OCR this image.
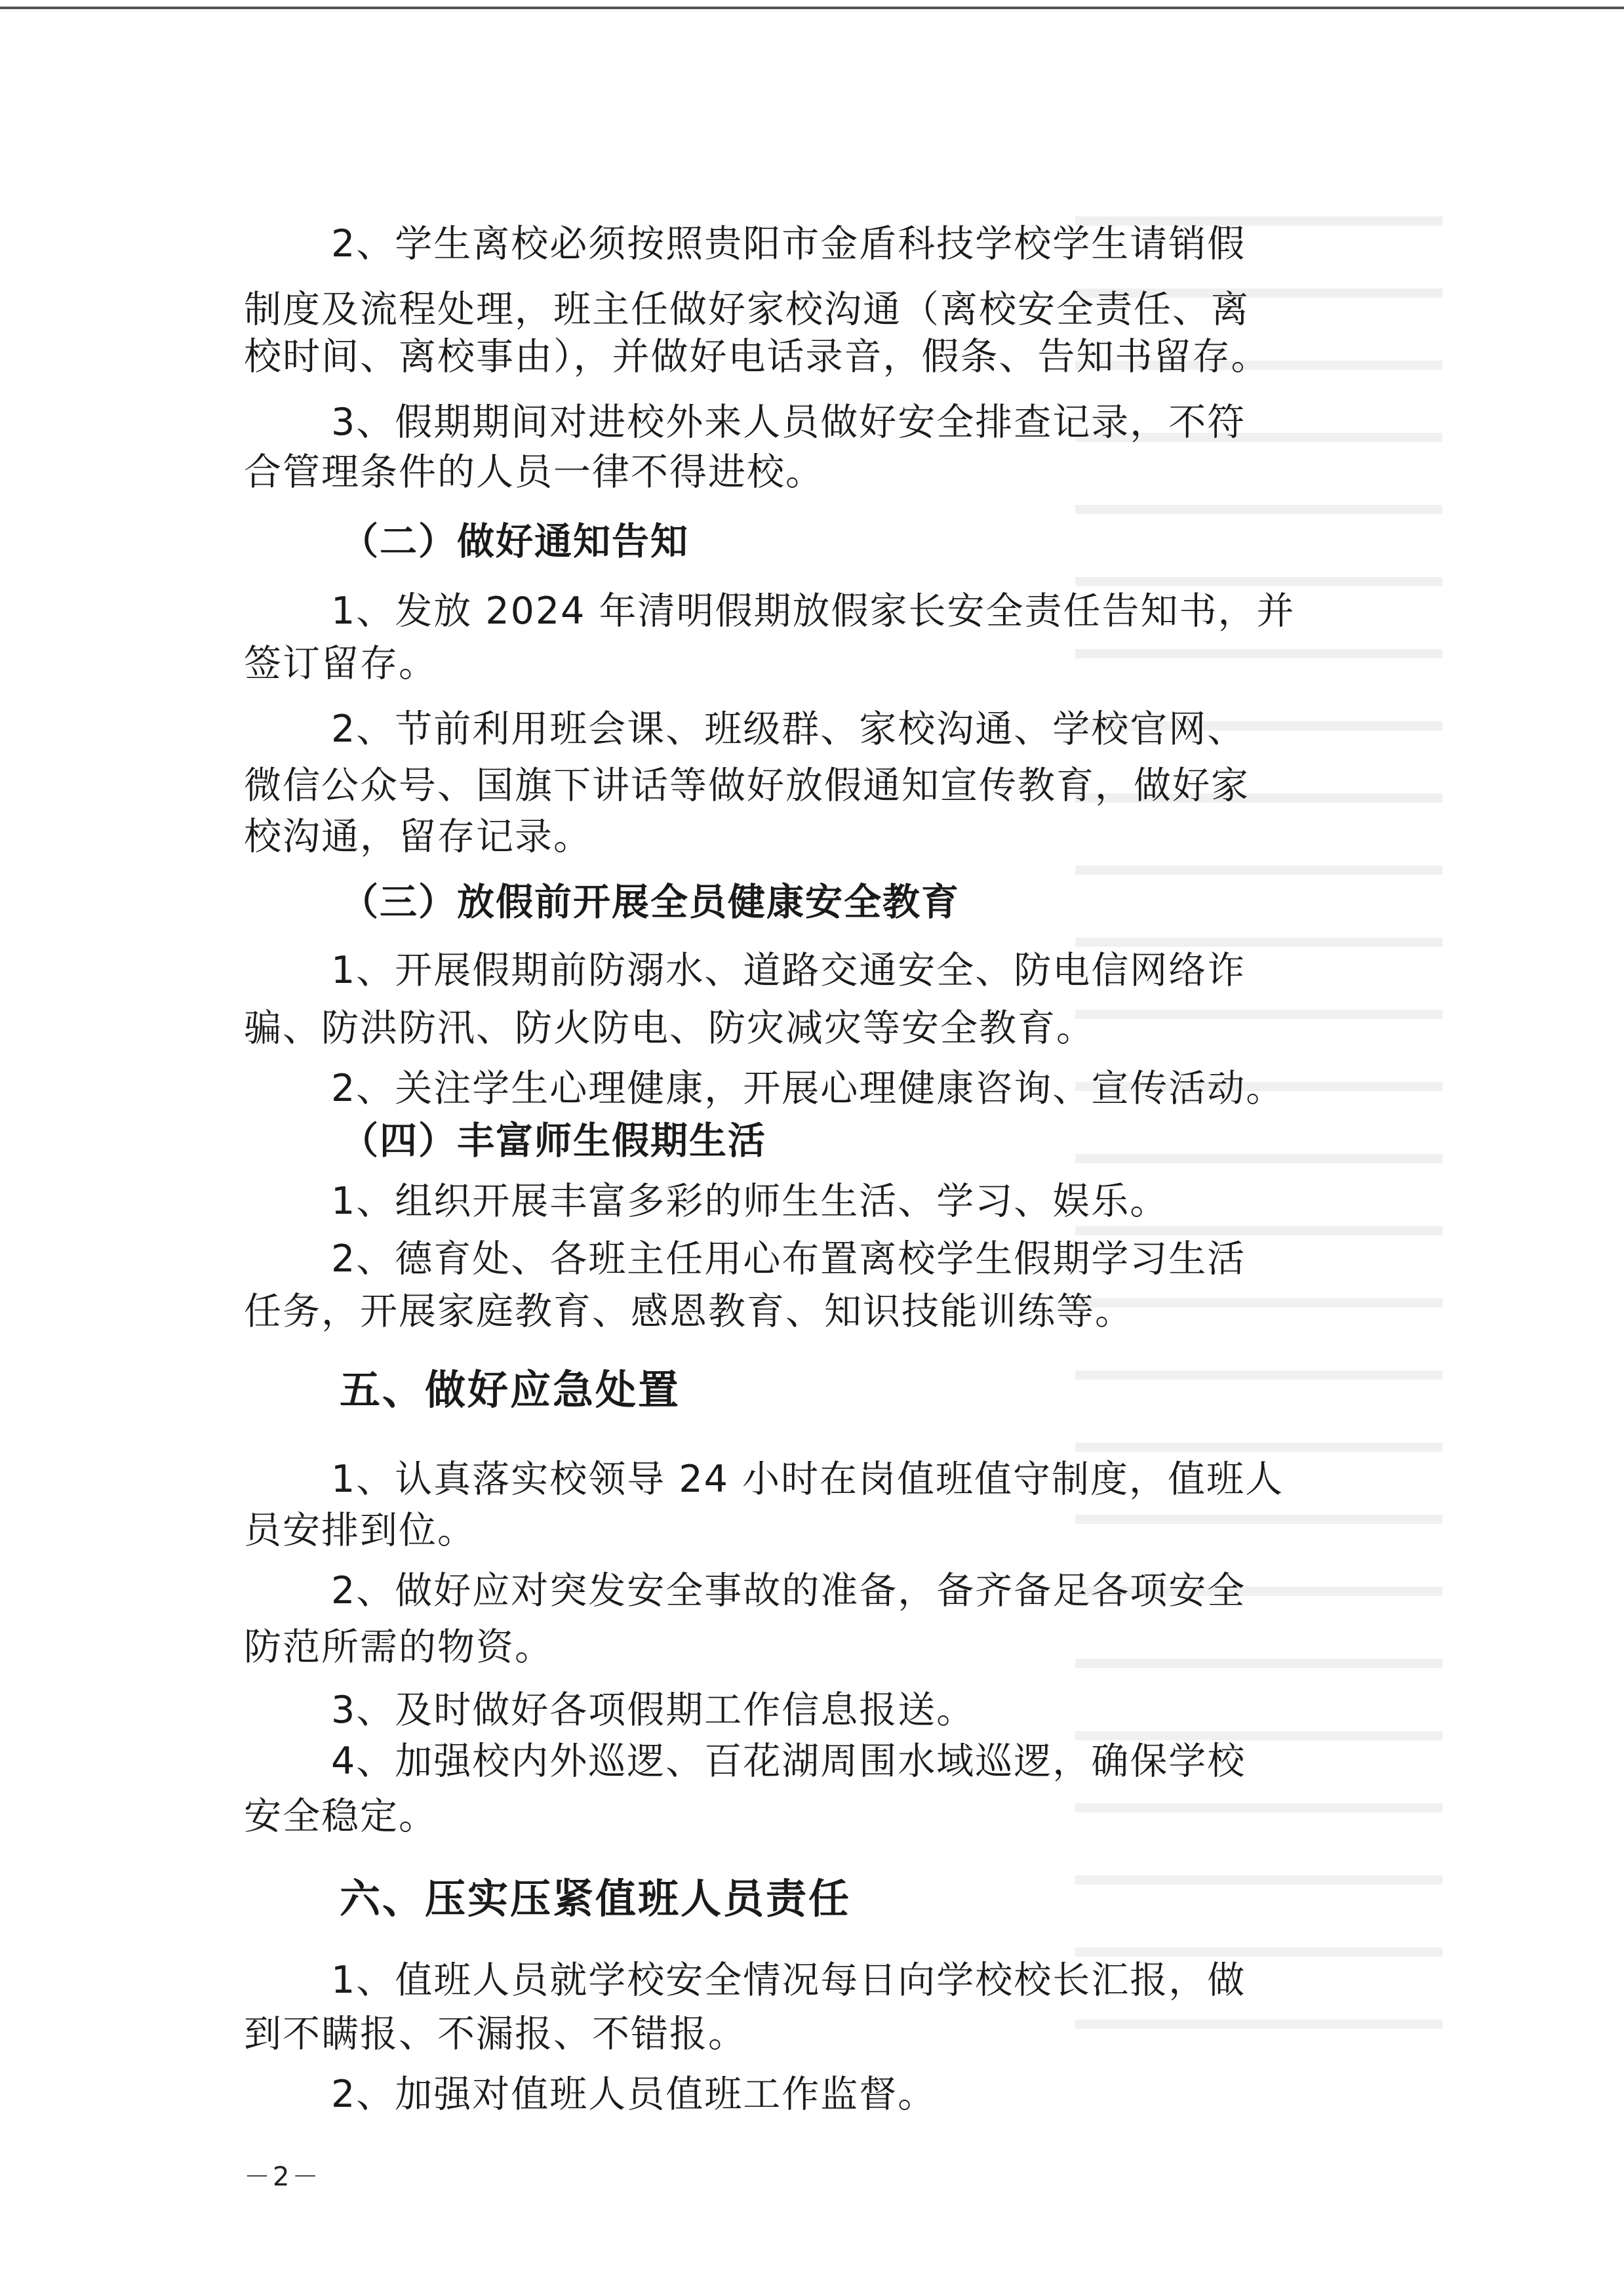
2、学生离校必须按照贵阳市金盾科技学校学生请销假
制度及流程处理，班主任做好家校沟通（离校安全责任、离
校时间、离校事由），并做好电话录音，假条、告知书留存。
3、假期期间对进校外来人员做好安全排查记录，不符
合管理条件的人员一律不得进校。
（二）做好通知告知
1、发放 2024 年清明假期放假家长安全责任告知书，并
签订留存。
2、节前利用班会课、班级群、家校沟通、学校官网、
微信公众号、国旗下讲话等做好放假通知宣传教育，做好家
校沟通，留存记录。
（三）放假前开展全员健康安全教育
1、开展假期前防溺水、道路交通安全、防电信网络诈
骗、防洪防汛、防火防电、防灾减灾等安全教育。
2、关注学生心理健康，开展心理健康咨询、宣传活动。
（四）丰富师生假期生活
1、组织开展丰富多彩的师生生活、学习、娱乐。
2、德育处、各班主任用心布置离校学生假期学习生活
任务，开展家庭教育、感恩教育、知识技能训练等。
五、做好应急处置
1、认真落实校领导 24 小时在岗值班值守制度，值班人
员安排到位。
2、做好应对突发安全事故的准备，备齐备足各项安全
防范所需的物资。
3、及时做好各项假期工作信息报送。
4、加强校内外巡逻、百花湖周围水域巡逻，确保学校
安全稳定。
六、压实压紧值班人员责任
1、值班人员就学校安全情况每日向学校校长汇报，做
到不瞒报、不漏报、不错报。
2、加强对值班人员值班工作监督。
－2－
